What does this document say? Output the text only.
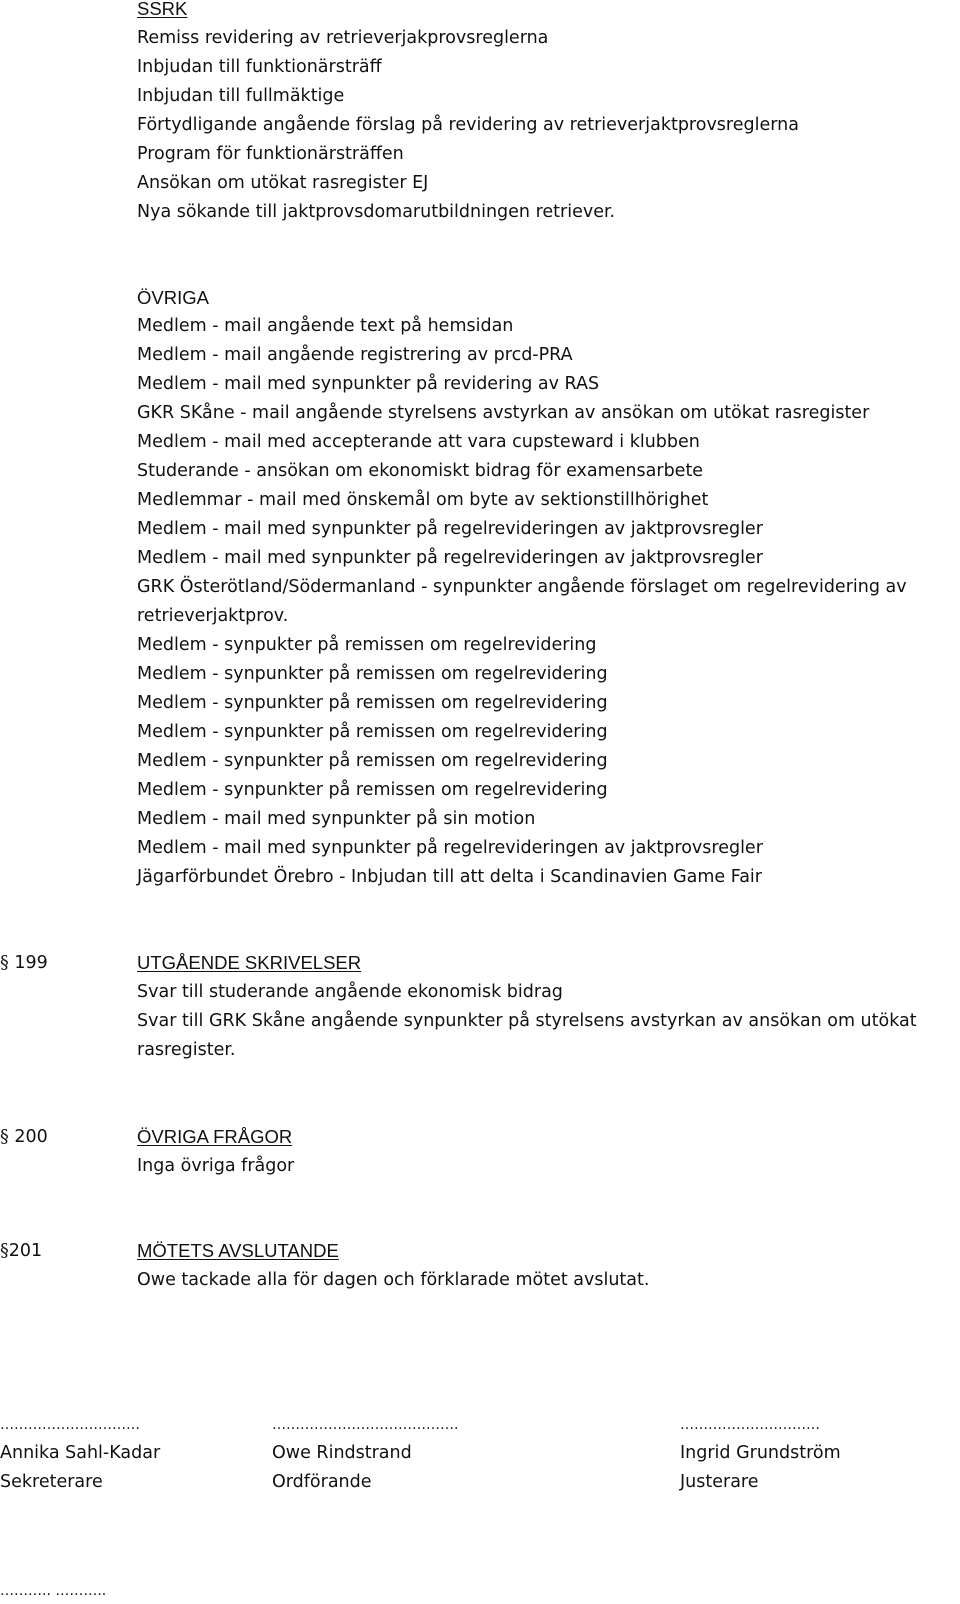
SSRK
Remiss revidering av retrieverjakprovsreglerna
Inbjudan till funktionärsträff
Inbjudan till fullmäktige
Förtydligande angående förslag på revidering av retrieverjaktprovsreglerna
Program för funktionärsträffen
Ansökan om utökat rasregister EJ
Nya sökande till jaktprovsdomarutbildningen retriever.
ÖVRIGA
Medlem - mail angående text på hemsidan
Medlem - mail angående registrering av prcd-PRA
Medlem - mail med synpunkter på revidering av RAS
GKR SKåne - mail angående styrelsens avstyrkan av ansökan om utökat rasregister
Medlem - mail med accepterande att vara cupsteward i klubben
Studerande - ansökan om ekonomiskt bidrag för examensarbete
Medlemmar - mail med önskemål om byte av sektionstillhörighet
Medlem - mail med synpunkter på regelrevideringen av jaktprovsregler
Medlem - mail med synpunkter på regelrevideringen av jaktprovsregler
GRK Österötland/Södermanland - synpunkter angående förslaget om regelrevidering av
retrieverjaktprov.
Medlem - synpukter på remissen om regelrevidering
Medlem - synpunkter på remissen om regelrevidering
Medlem - synpunkter på remissen om regelrevidering
Medlem - synpunkter på remissen om regelrevidering
Medlem - synpunkter på remissen om regelrevidering
Medlem - synpunkter på remissen om regelrevidering
Medlem - mail med synpunkter på sin motion
Medlem - mail med synpunkter på regelrevideringen av jaktprovsregler
Jägarförbundet Örebro - Inbjudan till att delta i Scandinavien Game Fair
§ 199	UTGÅENDE SKRIVELSER
Svar till studerande angående ekonomisk bidrag
Svar till GRK Skåne angående synpunkter på styrelsens avstyrkan av ansökan om utökat
rasregister.
§ 200	ÖVRIGA FRÅGOR
Inga övriga frågor
§201	MÖTETS AVSLUTANDE
Owe tackade alla för dagen och förklarade mötet avslutat.
…………………………
Annika Sahl-Kadar
Sekreterare
………………………………….
Owe Rindstrand
Ordförande
…………………………
Ingrid Grundström
Justerare
……….. ………..
